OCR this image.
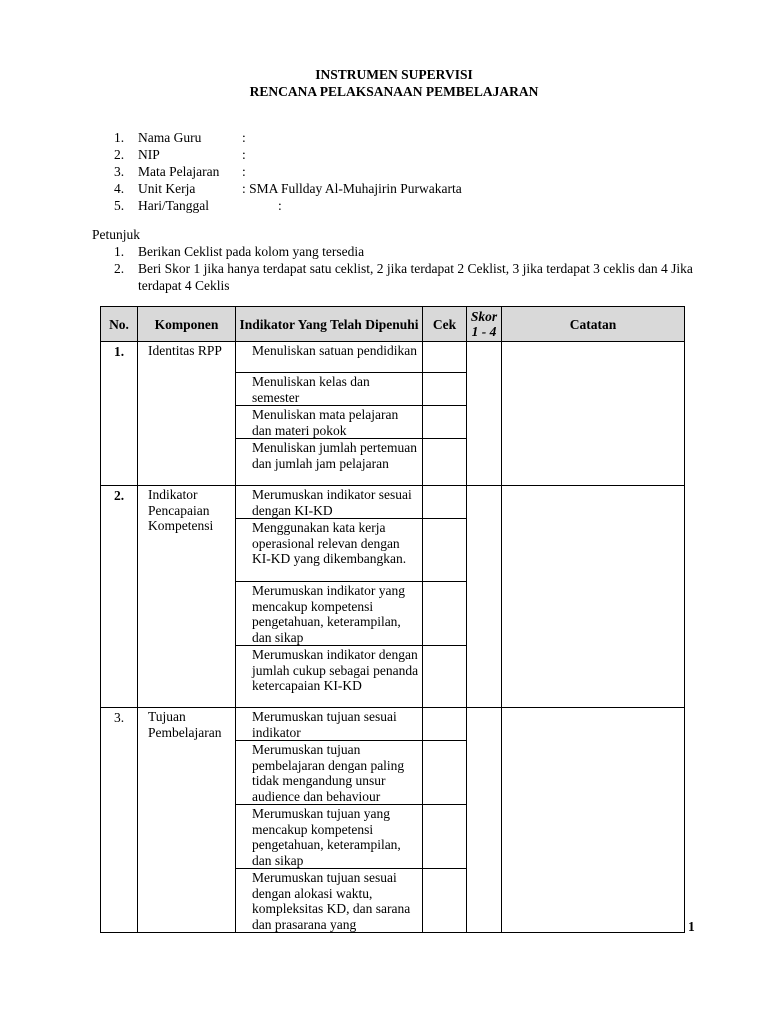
INSTRUMEN SUPERVISI
RENCANA PELAKSANAAN PEMBELAJARAN
1. Nama Guru	:
2. NIP	:
3. Mata Pelajaran :
4. Unit Kerja	: SMA Fullday Al-Muhajirin Purwakarta
5. Hari/Tanggal	:
Petunjuk
1. Berikan Ceklist pada kolom yang tersedia
2. Beri Skor 1 jika hanya terdapat satu ceklist, 2 jika terdapat 2 Ceklist, 3 jika terdapat 3 ceklis dan 4 Jika terdapat 4 Ceklis
No.	Komponen	Indikator Yang Telah Dipenuhi	Cek	Skor 1 - 4	Catatan
1.	Identitas RPP	Menuliskan satuan pendidikan			
		Menuliskan kelas dan semester			
		Menuliskan mata pelajaran dan materi pokok			
		Menuliskan jumlah pertemuan dan jumlah jam pelajaran			
2.	Indikator Pencapaian Kompetensi	Merumuskan indikator sesuai dengan KI-KD			
		Menggunakan kata kerja operasional relevan dengan KI-KD yang dikembangkan.			
		Merumuskan indikator yang mencakup kompetensi pengetahuan, keterampilan, dan sikap			
		Merumuskan indikator dengan jumlah cukup sebagai penanda ketercapaian KI-KD			
3.	Tujuan Pembelajaran	Merumuskan tujuan sesuai indikator			
		Merumuskan tujuan pembelajaran dengan paling tidak mengandung unsur audience dan behaviour			
		Merumuskan tujuan yang mencakup kompetensi pengetahuan, keterampilan, dan sikap			
		Merumuskan tujuan sesuai dengan alokasi waktu, kompleksitas KD, dan sarana dan prasarana yang				1
